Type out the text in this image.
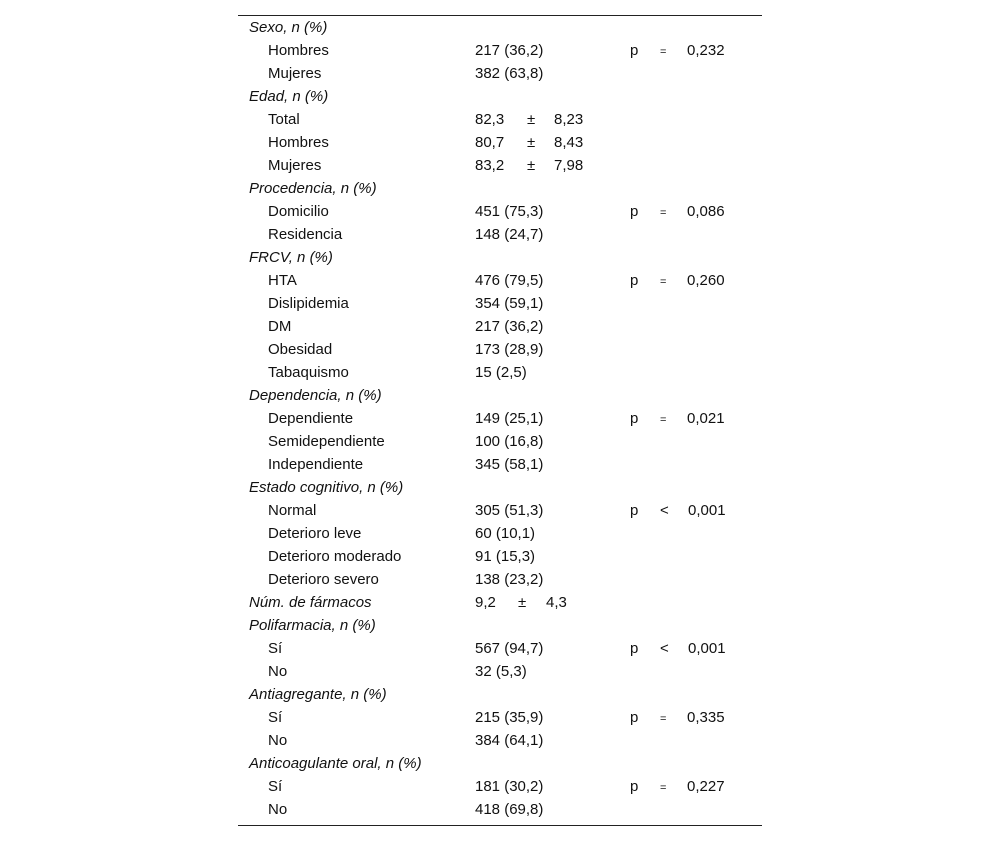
Sexo, n (%)
Hombres	217 (36,2)	p = 0,232
Mujeres	382 (63,8)
Edad, n (%)
Total	82,3 ± 8,23
Hombres	80,7 ± 8,43
Mujeres	83,2 ± 7,98
Procedencia, n (%)
Domicilio	451 (75,3)	p = 0,086
Residencia	148 (24,7)
FRCV, n (%)
HTA	476 (79,5)	p = 0,260
Dislipidemia	354 (59,1)
DM	217 (36,2)
Obesidad	173 (28,9)
Tabaquismo	15 (2,5)
Dependencia, n (%)
Dependiente	149 (25,1)	p = 0,021
Semidependiente	100 (16,8)
Independiente	345 (58,1)
Estado cognitivo, n (%)
Normal	305 (51,3)	p < 0,001
Deterioro leve	60 (10,1)
Deterioro moderado	91 (15,3)
Deterioro severo	138 (23,2)
Núm. de fármacos	9,2 ± 4,3
Polifarmacia, n (%)
Sí	567 (94,7)	p < 0,001
No	32 (5,3)
Antiagregante, n (%)
Sí	215 (35,9)	p = 0,335
No	384 (64,1)
Anticoagulante oral, n (%)
Sí	181 (30,2)	p = 0,227
No	418 (69,8)
